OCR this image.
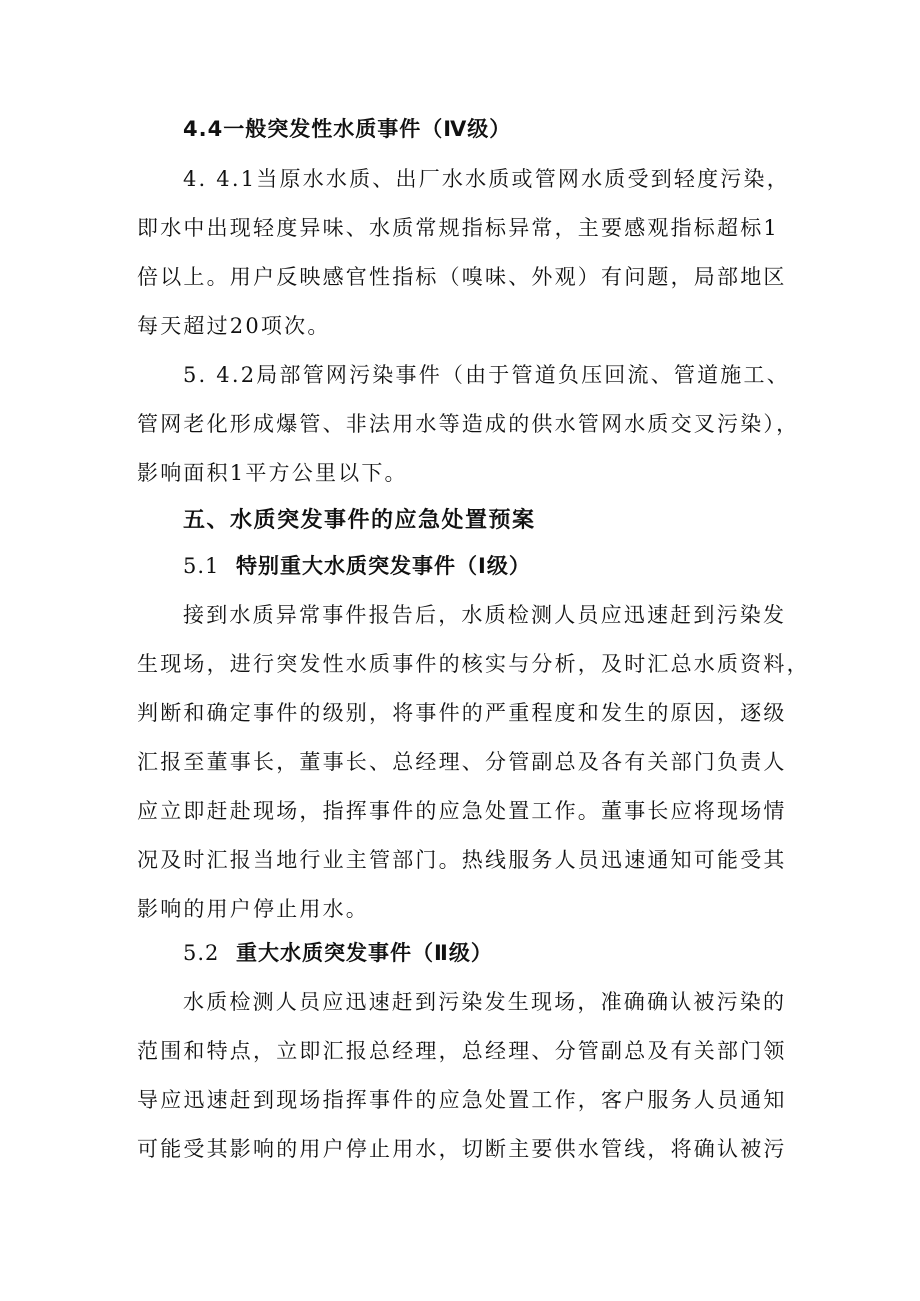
4.4一般突发性水质事件（Ⅳ级）
4. 4.1当原水水质、出厂水水质或管网水质受到轻度污染，
即水中出现轻度异味、水质常规指标异常，主要感观指标超标1
倍以上。用户反映感官性指标（嗅味、外观）有问题，局部地区
每天超过20项次。
5. 4.2局部管网污染事件（由于管道负压回流、管道施工、
管网老化形成爆管、非法用水等造成的供水管网水质交叉污染），
影响面积1平方公里以下。
五、水质突发事件的应急处置预案
5.1 特别重大水质突发事件（Ⅰ级）
接到水质异常事件报告后，水质检测人员应迅速赶到污染发
生现场，进行突发性水质事件的核实与分析，及时汇总水质资料，
判断和确定事件的级别，将事件的严重程度和发生的原因，逐级
汇报至董事长，董事长、总经理、分管副总及各有关部门负责人
应立即赶赴现场，指挥事件的应急处置工作。董事长应将现场情
况及时汇报当地行业主管部门。热线服务人员迅速通知可能受其
影响的用户停止用水。
5.2 重大水质突发事件（Ⅱ级）
水质检测人员应迅速赶到污染发生现场，准确确认被污染的
范围和特点，立即汇报总经理，总经理、分管副总及有关部门领
导应迅速赶到现场指挥事件的应急处置工作，客户服务人员通知
可能受其影响的用户停止用水，切断主要供水管线，将确认被污
